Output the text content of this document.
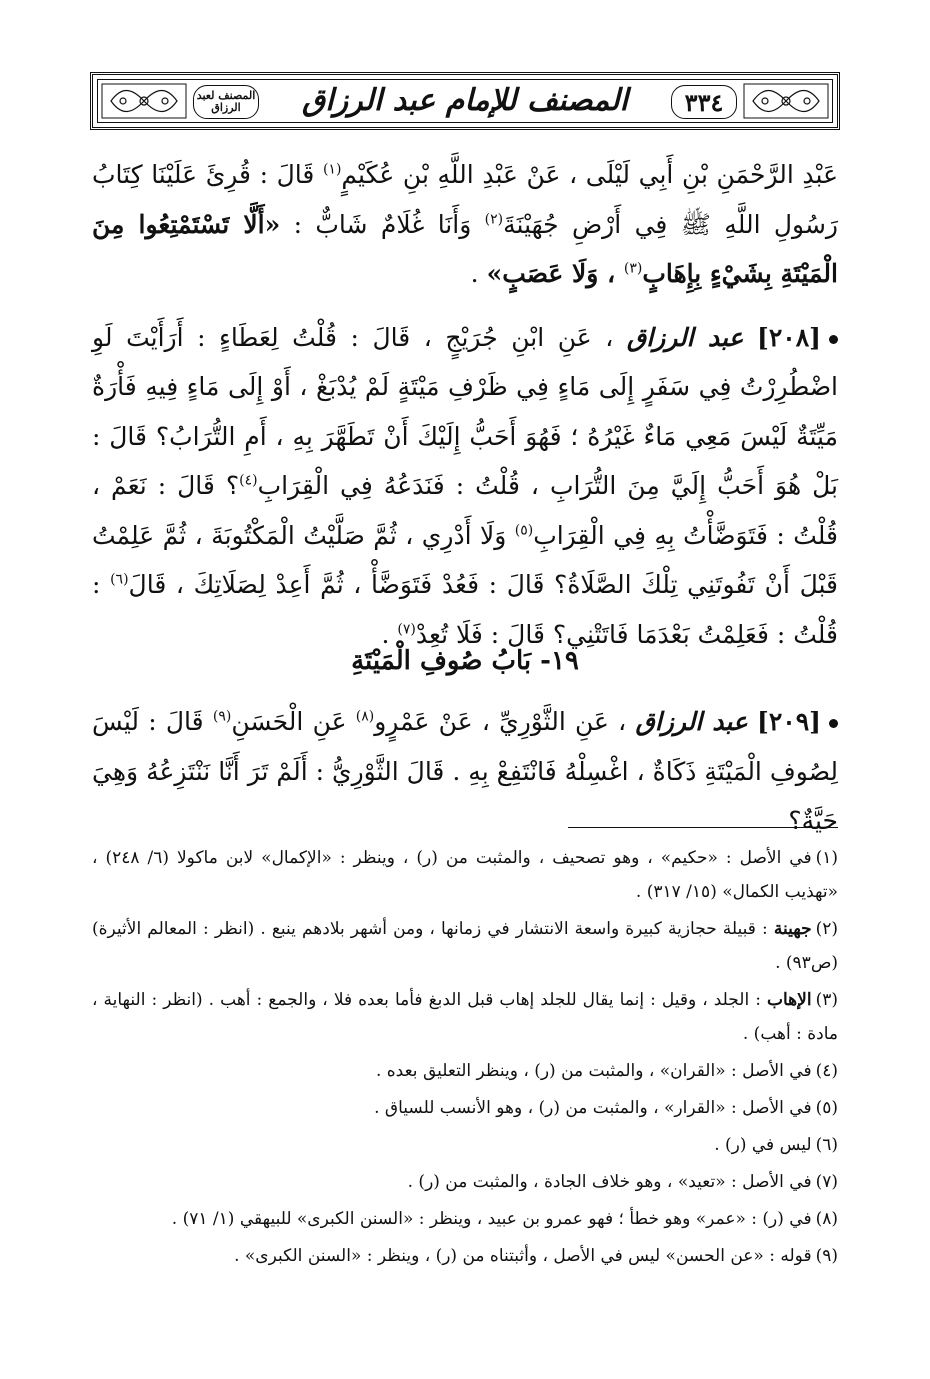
٣٣٤
المصنف للإمام عبد الرزاق
المصنف لعبد الرزاق

عَبْدِ الرَّحْمَنِ بْنِ أَبِي لَيْلَى ، عَنْ عَبْدِ اللَّهِ بْنِ عُكَيْمٍ$^{(١)}$ قَالَ : قُرِئَ عَلَيْنَا كِتَابُ رَسُولِ اللَّهِ ﷺ فِي أَرْضِ جُهَيْنَةَ$^{(٢)}$ وَأَنَا غُلَامٌ شَابٌّ : «أَلَّا تَسْتَمْتِعُوا مِنَ الْمَيْتَةِ بِشَيْءٍ بِإِهَابٍ$^{(٣)}$ ، وَلَا عَصَبٍ» .

[٢٠٨] عبد الرزاق ، عَنِ ابْنِ جُرَيْجٍ ، قَالَ : قُلْتُ لِعَطَاءٍ : أَرَأَيْتَ لَوِ اضْطُرِرْتُ فِي سَفَرٍ إِلَى مَاءٍ فِي ظَرْفِ مَيْتَةٍ لَمْ يُدْبَغْ ، أَوْ إِلَى مَاءٍ فِيهِ فَأْرَةٌ مَيِّتَةٌ لَيْسَ مَعِي مَاءٌ غَيْرُهُ ؛ فَهُوَ أَحَبُّ إِلَيْكَ أَنْ تَطَهَّرَ بِهِ ، أَمِ التُّرَابُ؟ قَالَ : بَلْ هُوَ أَحَبُّ إِلَيَّ مِنَ التُّرَابِ ، قُلْتُ : فَنَدَعُهُ فِي الْقِرَابِ$^{(٤)}$؟ قَالَ : نَعَمْ ، قُلْتُ : فَتَوَضَّأْتُ بِهِ فِي الْقِرَابِ$^{(٥)}$ وَلَا أَدْرِي ، ثُمَّ صَلَّيْتُ الْمَكْتُوبَةَ ، ثُمَّ عَلِمْتُ قَبْلَ أَنْ تَفُوتَنِي تِلْكَ الصَّلَاةُ؟ قَالَ : فَعُدْ فَتَوَضَّأْ ، ثُمَّ أَعِدْ لِصَلَاتِكَ ، قَالَ$^{(٦)}$ : قُلْتُ : فَعَلِمْتُ بَعْدَمَا فَاتَتْنِي؟ قَالَ : فَلَا تُعِدْ$^{(٧)}$ .

١٩- بَابُ صُوفِ الْمَيْتَةِ

[٢٠٩] عبد الرزاق ، عَنِ الثَّوْرِيِّ ، عَنْ عَمْرٍو$^{(٨)}$ عَنِ الْحَسَنِ$^{(٩)}$ قَالَ : لَيْسَ لِصُوفِ الْمَيْتَةِ ذَكَاةٌ ، اغْسِلْهُ فَانْتَفِعْ بِهِ . قَالَ الثَّوْرِيُّ : أَلَمْ تَرَ أَنَّا نَنْتَزِعُهُ وَهِيَ حَيَّةٌ؟

(١)في الأصل : «حكيم» ، وهو تصحيف ، والمثبت من (ر) ، وينظر : «الإكمال» لابن ماكولا (٦/ ٢٤٨) ، «تهذيب الكمال» (١٥/ ٣١٧) .

(٢)جهينة : قبيلة حجازية كبيرة واسعة الانتشار في زمانها ، ومن أشهر بلادهم ينبع . (انظر : المعالم الأثيرة) (ص٩٣) .

(٣)الإهاب : الجلد ، وقيل : إنما يقال للجلد إهاب قبل الدبغ فأما بعده فلا ، والجمع : أهب . (انظر : النهاية ، مادة : أهب) .

(٤)في الأصل : «القران» ، والمثبت من (ر) ، وينظر التعليق بعده .

(٥)في الأصل : «القرار» ، والمثبت من (ر) ، وهو الأنسب للسياق .

(٦)ليس في (ر) .

(٧)في الأصل : «تعيد» ، وهو خلاف الجادة ، والمثبت من (ر) .

(٨)في (ر) : «عمر» وهو خطأ ؛ فهو عمرو بن عبيد ، وينظر : «السنن الكبرى» للبيهقي (١/ ٧١) .

(٩)قوله : «عن الحسن» ليس في الأصل ، وأثبتناه من (ر) ، وينظر : «السنن الكبرى» .
